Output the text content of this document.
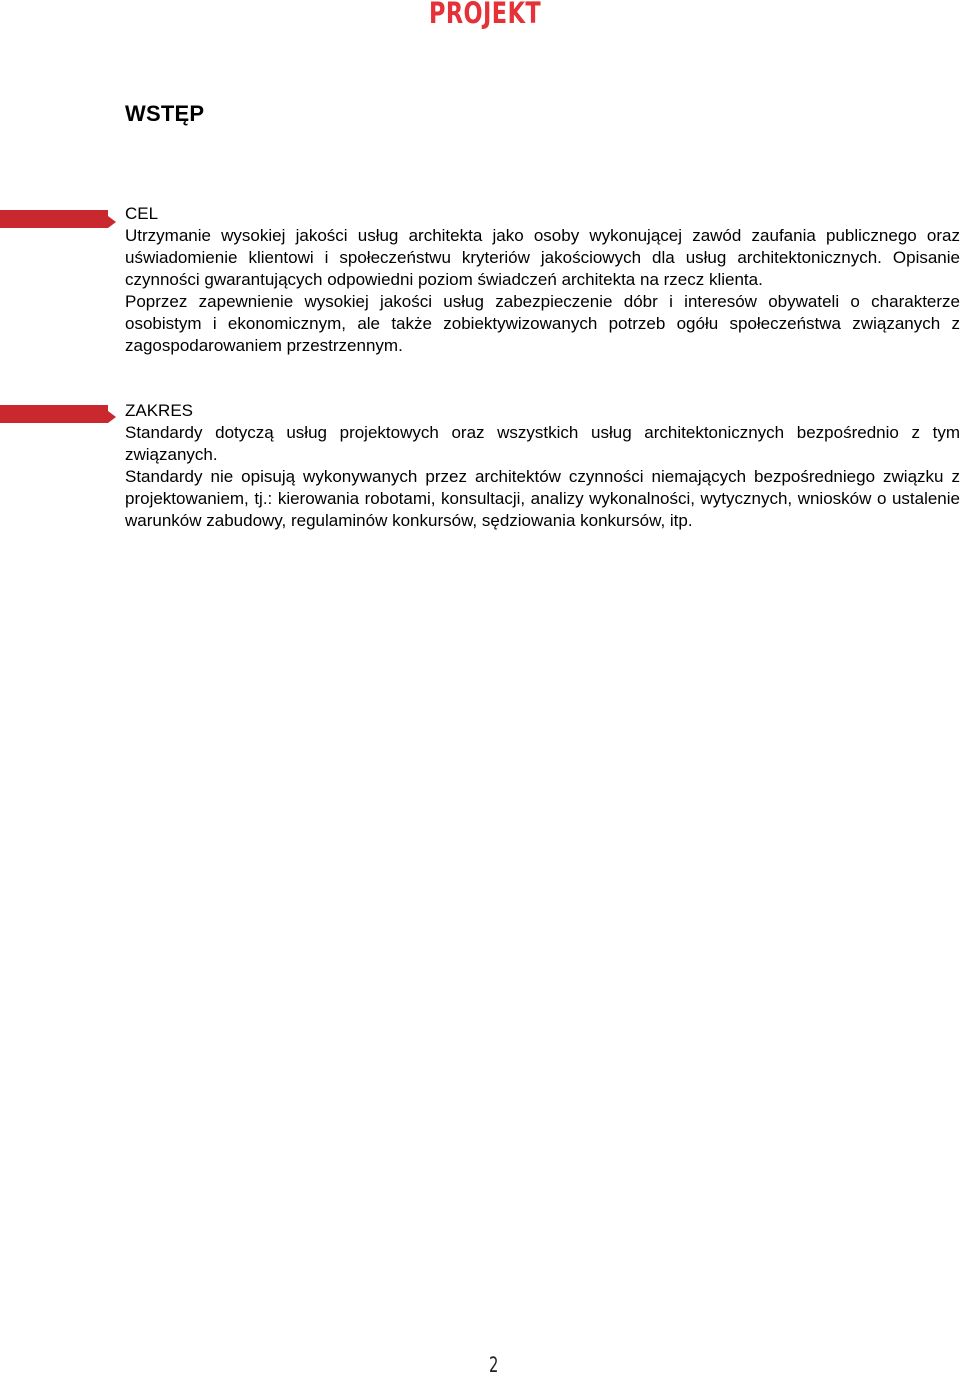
PROJEKT
WSTĘP

CEL

Utrzymanie wysokiej jakości usług architekta jako osoby wykonującej zawód zaufania publicznego oraz uświadomienie klientowi i społeczeństwu kryteriów jakościowych dla usług architektonicznych. Opisanie czynności gwarantujących odpowiedni poziom świadczeń architekta na rzecz klienta.

Poprzez zapewnienie wysokiej jakości usług zabezpieczenie dóbr i interesów obywateli o charakterze osobistym i ekonomicznym, ale także zobiektywizowanych potrzeb ogółu społeczeństwa związanych z zagospodarowaniem przestrzennym.

ZAKRES

Standardy dotyczą usług projektowych oraz wszystkich usług architektonicznych bezpośrednio z tym związanych.

Standardy nie opisują wykonywanych przez architektów czynności niemających bezpośredniego związku z projektowaniem, tj.: kierowania robotami, konsultacji, analizy wykonalności, wytycznych, wniosków o ustalenie warunków zabudowy, regulaminów konkursów, sędziowania konkursów, itp.

2
